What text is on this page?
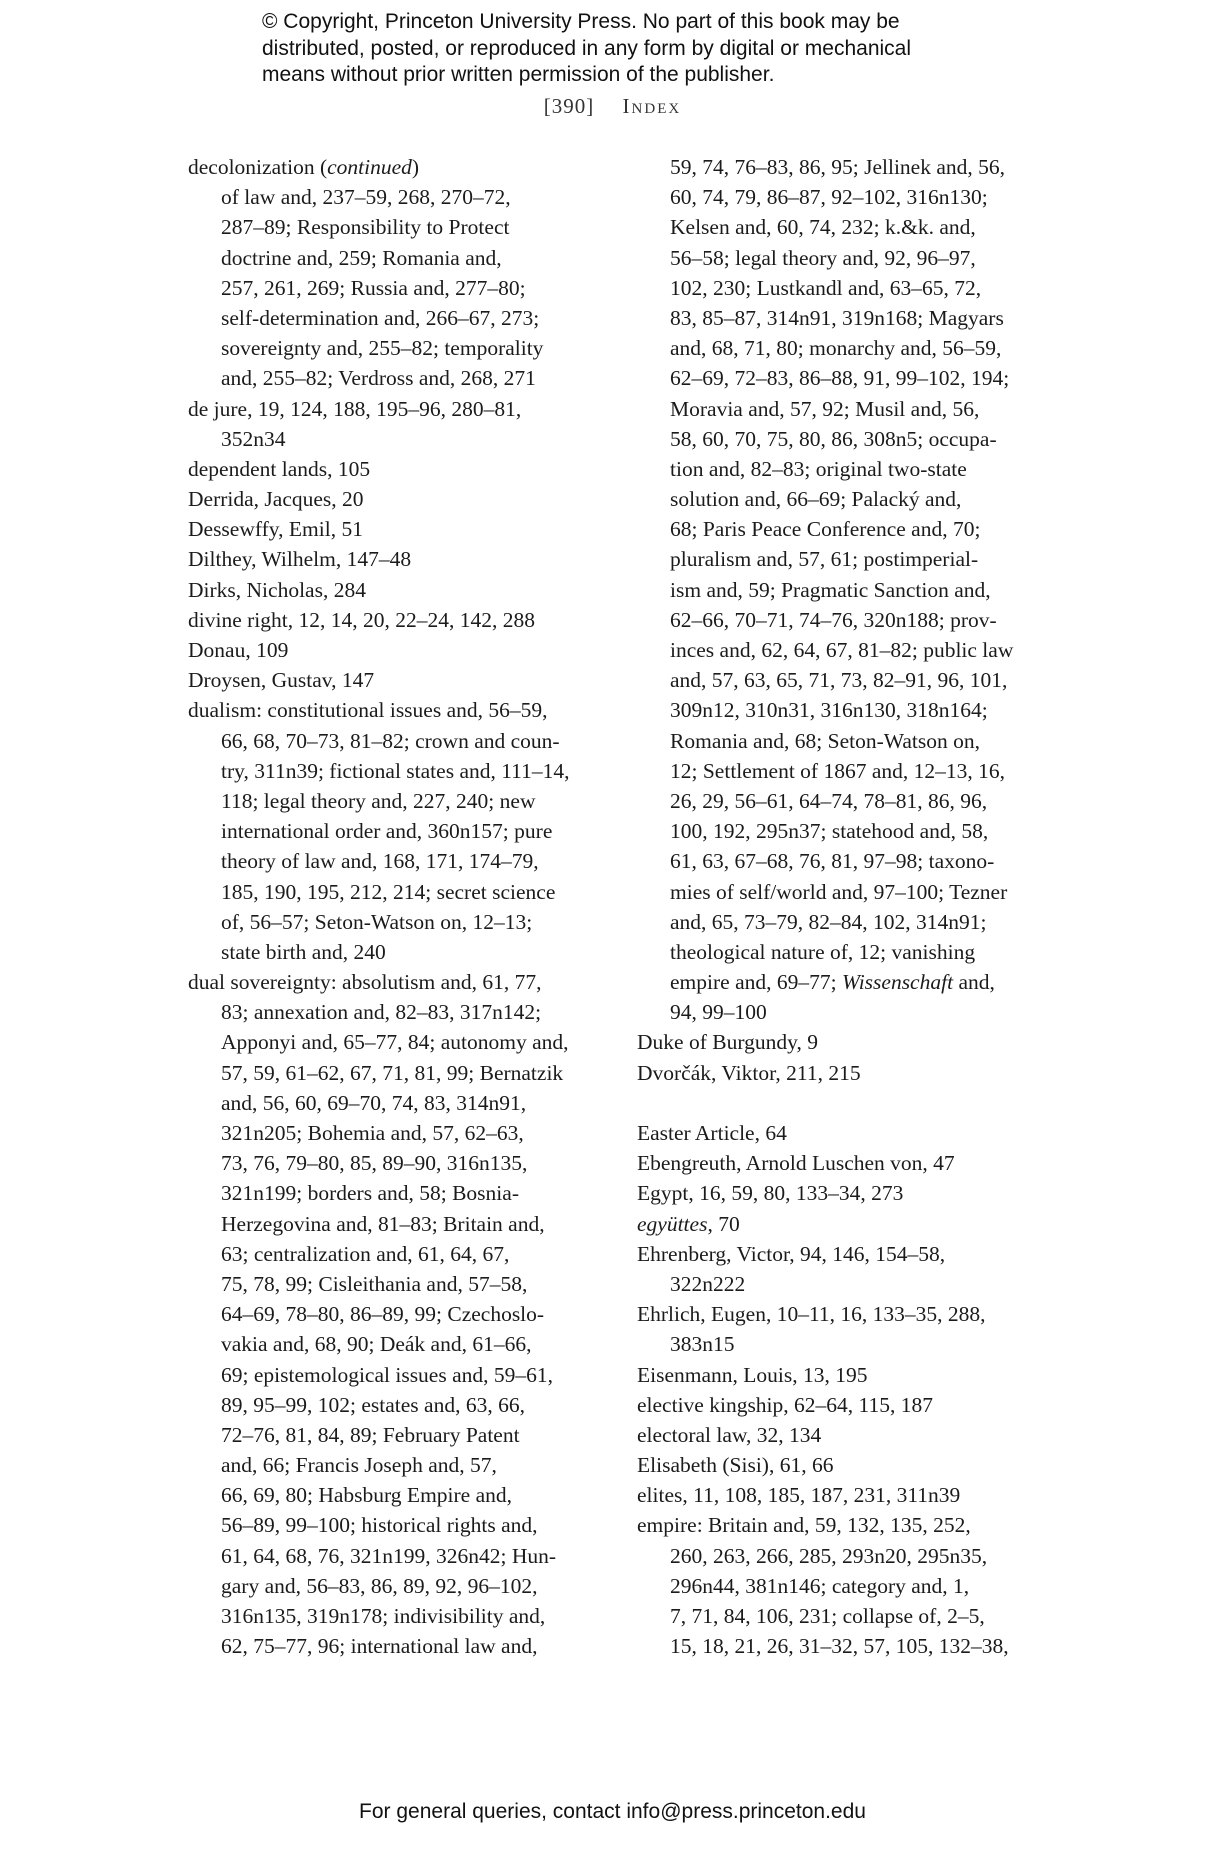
© Copyright, Princeton University Press. No part of this book may be
distributed, posted, or reproduced in any form by digital or mechanical
means without prior written permission of the publisher.
[390] Index
decolonization (continued)
of law and, 237–59, 268, 270–72,
287–89; Responsibility to Protect
doctrine and, 259; Romania and,
257, 261, 269; Russia and, 277–80;
self-determination and, 266–67, 273;
sovereignty and, 255–82; temporality
and, 255–82; Verdross and, 268, 271
de jure, 19, 124, 188, 195–96, 280–81,
352n34
dependent lands, 105
Derrida, Jacques, 20
Dessewffy, Emil, 51
Dilthey, Wilhelm, 147–48
Dirks, Nicholas, 284
divine right, 12, 14, 20, 22–24, 142, 288
Donau, 109
Droysen, Gustav, 147
dualism: constitutional issues and, 56–59,
66, 68, 70–73, 81–82; crown and coun-
try, 311n39; fictional states and, 111–14,
118; legal theory and, 227, 240; new
international order and, 360n157; pure
theory of law and, 168, 171, 174–79,
185, 190, 195, 212, 214; secret science
of, 56–57; Seton-Watson on, 12–13;
state birth and, 240
dual sovereignty: absolutism and, 61, 77,
83; annexation and, 82–83, 317n142;
Apponyi and, 65–77, 84; autonomy and,
57, 59, 61–62, 67, 71, 81, 99; Bernatzik
and, 56, 60, 69–70, 74, 83, 314n91,
321n205; Bohemia and, 57, 62–63,
73, 76, 79–80, 85, 89–90, 316n135,
321n199; borders and, 58; Bosnia-
Herzegovina and, 81–83; Britain and,
63; centralization and, 61, 64, 67,
75, 78, 99; Cisleithania and, 57–58,
64–69, 78–80, 86–89, 99; Czechoslo-
vakia and, 68, 90; Deák and, 61–66,
69; epistemological issues and, 59–61,
89, 95–99, 102; estates and, 63, 66,
72–76, 81, 84, 89; February Patent
and, 66; Francis Joseph and, 57,
66, 69, 80; Habsburg Empire and,
56–89, 99–100; historical rights and,
61, 64, 68, 76, 321n199, 326n42; Hun-
gary and, 56–83, 86, 89, 92, 96–102,
316n135, 319n178; indivisibility and,
62, 75–77, 96; international law and,
59, 74, 76–83, 86, 95; Jellinek and, 56,
60, 74, 79, 86–87, 92–102, 316n130;
Kelsen and, 60, 74, 232; k.&k. and,
56–58; legal theory and, 92, 96–97,
102, 230; Lustkandl and, 63–65, 72,
83, 85–87, 314n91, 319n168; Magyars
and, 68, 71, 80; monarchy and, 56–59,
62–69, 72–83, 86–88, 91, 99–102, 194;
Moravia and, 57, 92; Musil and, 56,
58, 60, 70, 75, 80, 86, 308n5; occupa-
tion and, 82–83; original two-state
solution and, 66–69; Palacký and,
68; Paris Peace Conference and, 70;
pluralism and, 57, 61; postimperial-
ism and, 59; Pragmatic Sanction and,
62–66, 70–71, 74–76, 320n188; prov-
inces and, 62, 64, 67, 81–82; public law
and, 57, 63, 65, 71, 73, 82–91, 96, 101,
309n12, 310n31, 316n130, 318n164;
Romania and, 68; Seton-Watson on,
12; Settlement of 1867 and, 12–13, 16,
26, 29, 56–61, 64–74, 78–81, 86, 96,
100, 192, 295n37; statehood and, 58,
61, 63, 67–68, 76, 81, 97–98; taxono-
mies of self/world and, 97–100; Tezner
and, 65, 73–79, 82–84, 102, 314n91;
theological nature of, 12; vanishing
empire and, 69–77; Wissenschaft and,
94, 99–100
Duke of Burgundy, 9
Dvorčák, Viktor, 211, 215
Easter Article, 64
Ebengreuth, Arnold Luschen von, 47
Egypt, 16, 59, 80, 133–34, 273
együttes, 70
Ehrenberg, Victor, 94, 146, 154–58,
322n222
Ehrlich, Eugen, 10–11, 16, 133–35, 288,
383n15
Eisenmann, Louis, 13, 195
elective kingship, 62–64, 115, 187
electoral law, 32, 134
Elisabeth (Sisi), 61, 66
elites, 11, 108, 185, 187, 231, 311n39
empire: Britain and, 59, 132, 135, 252,
260, 263, 266, 285, 293n20, 295n35,
296n44, 381n146; category and, 1,
7, 71, 84, 106, 231; collapse of, 2–5,
15, 18, 21, 26, 31–32, 57, 105, 132–38,
For general queries, contact info@press.princeton.edu
